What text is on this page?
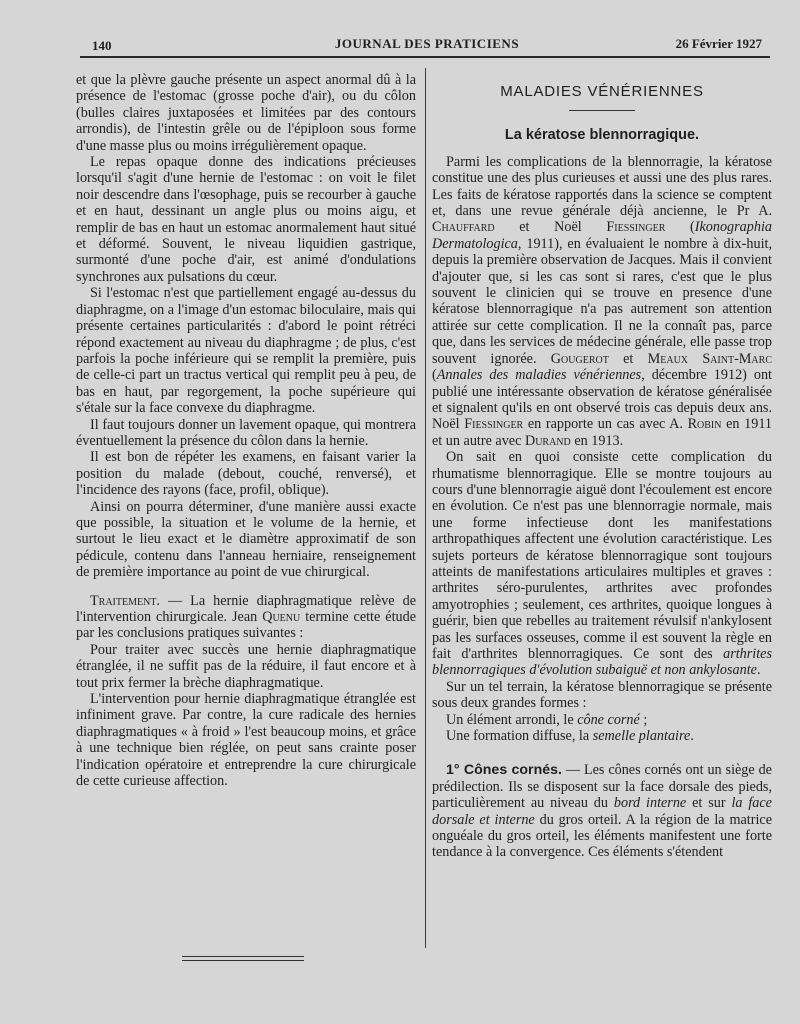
140	JOURNAL DES PRATICIENS	26 Février 1927

et que la plèvre gauche présente un aspect anormal dû à la présence de l'estomac (grosse poche d'air), ou du côlon (bulles claires juxtaposées et limitées par des contours arrondis), de l'intestin grêle ou de l'épiploon sous forme d'une masse plus ou moins irrégulièrement opaque.

Le repas opaque donne des indications précieuses lorsqu'il s'agit d'une hernie de l'estomac : on voit le filet noir descendre dans l'œsophage, puis se recourber à gauche et en haut, dessinant un angle plus ou moins aigu, et remplir de bas en haut un estomac anormalement haut situé et déformé. Souvent, le niveau liquidien gastrique, surmonté d'une poche d'air, est animé d'ondulations synchrones aux pulsations du cœur.

Si l'estomac n'est que partiellement engagé au-dessus du diaphragme, on a l'image d'un estomac biloculaire, mais qui présente certaines particularités : d'abord le point rétréci répond exactement au niveau du diaphragme ; de plus, c'est parfois la poche inférieure qui se remplit la première, puis de celle-ci part un tractus vertical qui remplit peu à peu, de bas en haut, par regorgement, la poche supérieure qui s'étale sur la face convexe du diaphragme.

Il faut toujours donner un lavement opaque, qui montrera éventuellement la présence du côlon dans la hernie.

Il est bon de répéter les examens, en faisant varier la position du malade (debout, couché, renversé), et l'incidence des rayons (face, profil, oblique).

Ainsi on pourra déterminer, d'une manière aussi exacte que possible, la situation et le volume de la hernie, et surtout le lieu exact et le diamètre approximatif de son pédicule, contenu dans l'anneau herniaire, renseignement de première importance au point de vue chirurgical.

Traitement. — La hernie diaphragmatique relève de l'intervention chirurgicale. Jean Quenu termine cette étude par les conclusions pratiques suivantes :

Pour traiter avec succès une hernie diaphragmatique étranglée, il ne suffit pas de la réduire, il faut encore et à tout prix fermer la brèche diaphragmatique.

L'intervention pour hernie diaphragmatique étranglée est infiniment grave. Par contre, la cure radicale des hernies diaphragmatiques « à froid » l'est beaucoup moins, et grâce à une technique bien réglée, on peut sans crainte poser l'indication opératoire et entreprendre la cure chirurgicale de cette curieuse affection.

MALADIES VÉNÉRIENNES
La kératose blennorragique.

Parmi les complications de la blennorragie, la kératose constitue une des plus curieuses et aussi une des plus rares. Les faits de kératose rapportés dans la science se comptent et, dans une revue générale déjà ancienne, le Pr A. Chauffard et Noël Fiessinger (Ikonographia Dermatologica, 1911), en évaluaient le nombre à dix-huit, depuis la première observation de Jacques. Mais il convient d'ajouter que, si les cas sont si rares, c'est que le plus souvent le clinicien qui se trouve en presence d'une kératose blennorragique n'a pas autrement son attention attirée sur cette complication. Il ne la connaît pas, parce que, dans les services de médecine générale, elle passe trop souvent ignorée. Gougerot et Meaux Saint-Marc (Annales des maladies vénériennes, décembre 1912) ont publié une intéressante observation de kératose généralisée et signalent qu'ils en ont observé trois cas depuis deux ans. Noël Fiessinger en rapporte un cas avec A. Robin en 1911 et un autre avec Durand en 1913.

On sait en quoi consiste cette complication du rhumatisme blennorragique. Elle se montre toujours au cours d'une blennorragie aiguë dont l'écoulement est encore en évolution. Ce n'est pas une blennorragie normale, mais une forme infectieuse dont les manifestations arthropathiques affectent une évolution caractéristique. Les sujets porteurs de kératose blennorragique sont toujours atteints de manifestations articulaires multiples et graves : arthrites séro-purulentes, arthrites avec profondes amyotrophies ; seulement, ces arthrites, quoique longues à guérir, bien que rebelles au traitement révulsif n'ankylosent pas les surfaces osseuses, comme il est souvent la règle en fait d'arthrites blennorragiques. Ce sont des arthrites blennorragiques d'évolution subaiguë et non ankylosante.

Sur un tel terrain, la kératose blennorragique se présente sous deux grandes formes :

Un élément arrondi, le cône corné ;

Une formation diffuse, la semelle plantaire.

1° Cônes cornés. — Les cônes cornés ont un siège de prédilection. Ils se disposent sur la face dorsale des pieds, particulièrement au niveau du bord interne et sur la face dorsale et interne du gros orteil. A la région de la matrice onguéale du gros orteil, les éléments manifestent une forte tendance à la convergence. Ces éléments s'étendent
